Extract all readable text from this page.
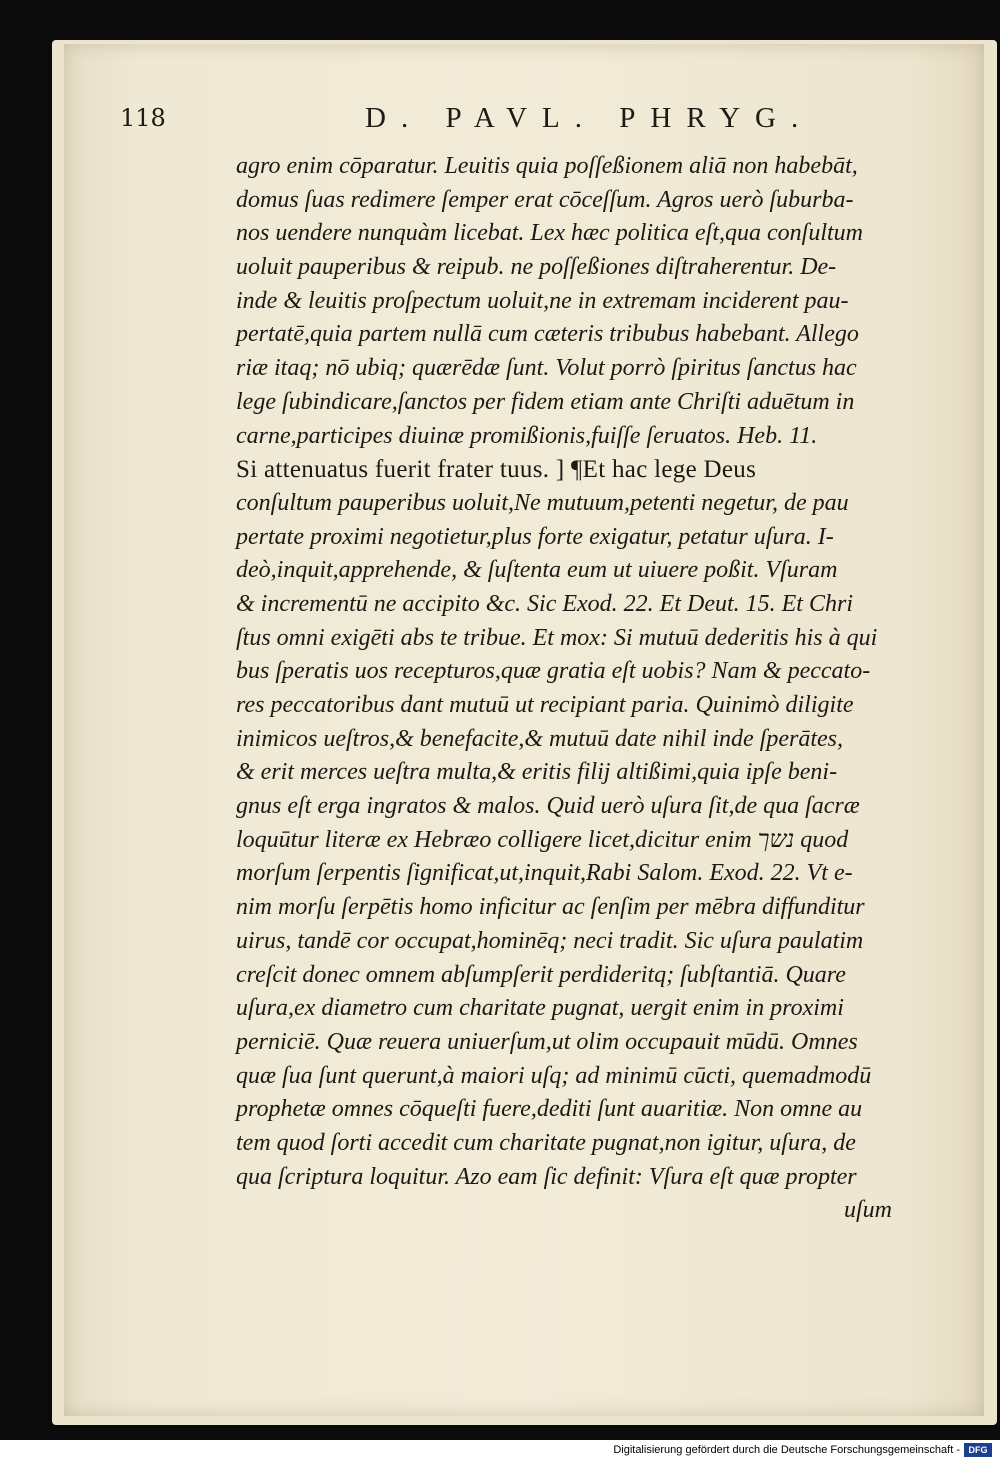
118	D. PAVL. PHRYG.
agro enim cōparatur. Leuitis quia poſſeßionem aliā non habebāt,
domus ſuas redimere ſemper erat cōceſſum. Agros uerò ſuburba-
nos uendere nunquàm licebat. Lex hæc politica eſt,qua conſultum
uoluit pauperibus & reipub. ne poſſeßiones diſtraherentur. De-
inde & leuitis proſpectum uoluit,ne in extremam inciderent pau-
pertatē,quia partem nullā cum cæteris tribubus habebant. Allego
riæ itaq; nō ubiq; quærēdæ ſunt. Volut porrò ſpiritus ſanctus hac
lege ſubindicare,ſanctos per fidem etiam ante Chriſti aduētum in
carne,participes diuinæ promißionis,fuiſſe ſeruatos. Heb. 11.
Si attenuatus fuerit frater tuus. ] ¶Et hac lege Deus
conſultum pauperibus uoluit,Ne mutuum,petenti negetur, de pau
pertate proximi negotietur,plus forte exigatur, petatur uſura. I-
deò,inquit,apprehende, & ſuſtenta eum ut uiuere poßit. Vſuram
& incrementū ne accipito &c. Sic Exod. 22. Et Deut. 15. Et Chri
ſtus omni exigēti abs te tribue. Et mox: Si mutuū dederitis his à qui
bus ſperatis uos recepturos,quæ gratia eſt uobis? Nam & peccato-
res peccatoribus dant mutuū ut recipiant paria. Quinimò diligite
inimicos ueſtros,& benefacite,& mutuū date nihil inde ſperātes,
& erit merces ueſtra multa,& eritis filij altißimi,quia ipſe beni-
gnus eſt erga ingratos & malos. Quid uerò uſura ſit,de qua ſacræ
loquūtur literæ ex Hebræo colligere licet,dicitur enim נשך quod
morſum ſerpentis ſignificat,ut,inquit,Rabi Salom. Exod. 22. Vt e-
nim morſu ſerpētis homo inficitur ac ſenſim per mēbra diffunditur
uirus, tandē cor occupat,hominēq; neci tradit. Sic uſura paulatim
creſcit donec omnem abſumpſerit perdideritq; ſubſtantiā. Quare
uſura,ex diametro cum charitate pugnat, uergit enim in proximi
perniciē. Quæ reuera uniuerſum,ut olim occupauit mūdū. Omnes
quæ ſua ſunt querunt,à maiori uſq; ad minimū cūcti, quemadmodū
prophetæ omnes cōqueſti fuere,dediti ſunt auaritiæ. Non omne au
tem quod ſorti accedit cum charitate pugnat,non igitur, uſura, de
qua ſcriptura loquitur. Azo eam ſic definit: Vſura eſt quæ propter
uſum
Digitalisierung gefördert durch die Deutsche Forschungsgemeinschaft - DFG
